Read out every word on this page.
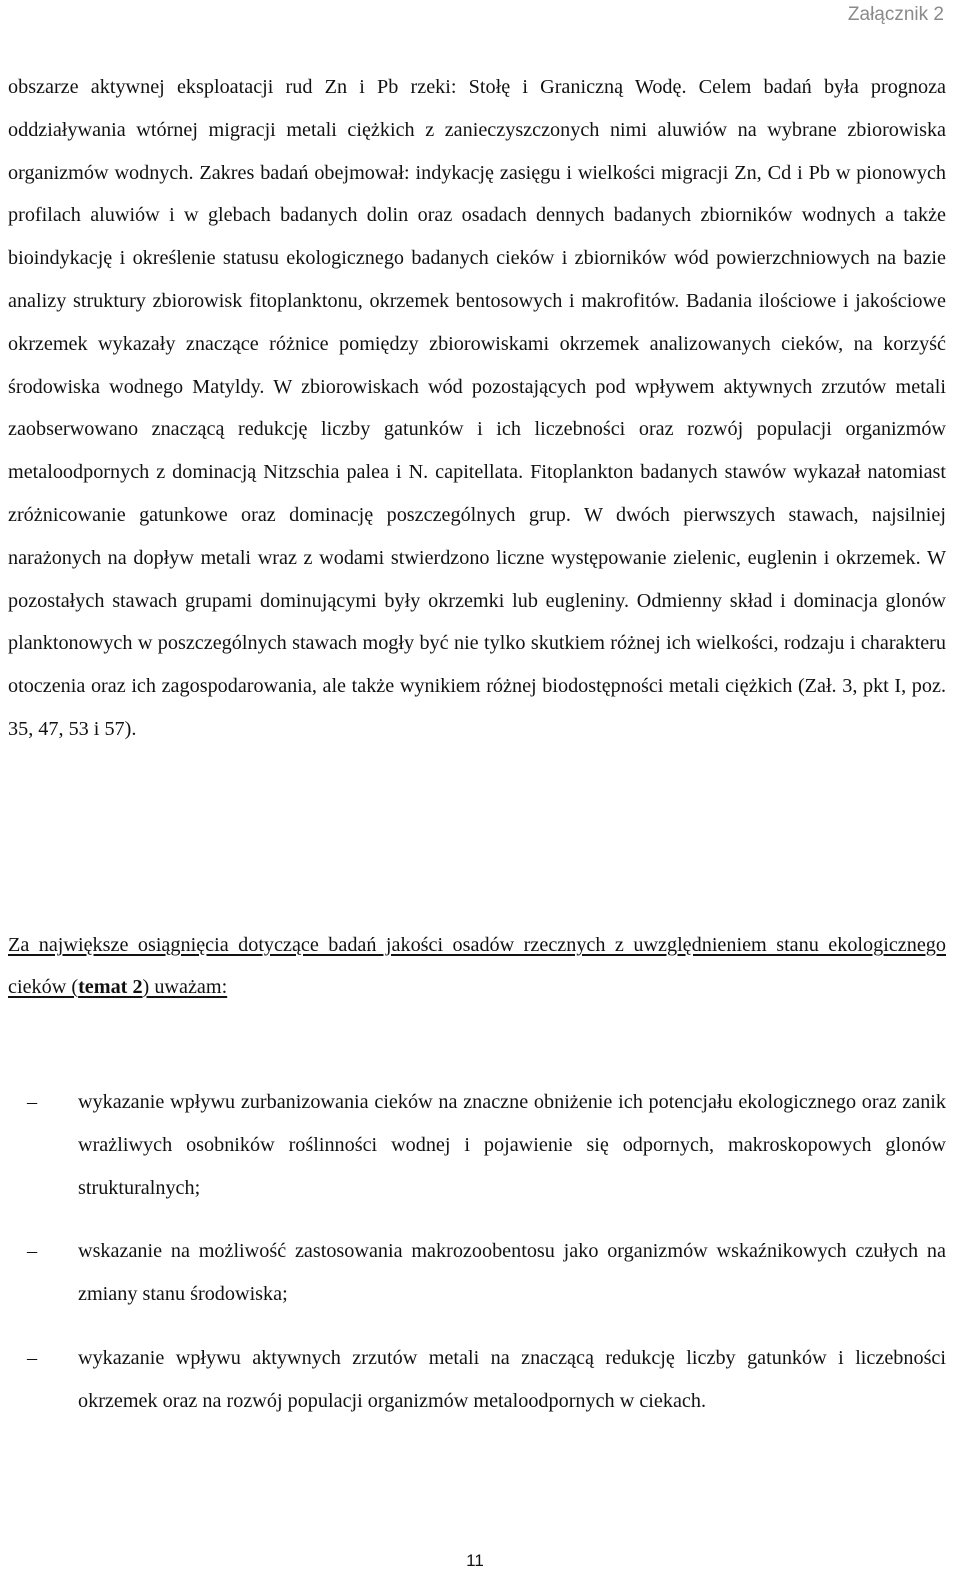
Załącznik 2

obszarze aktywnej eksploatacji rud Zn i Pb rzeki: Stołę i Graniczną Wodę. Celem badań była prognoza oddziaływania wtórnej migracji metali ciężkich z zanieczyszczonych nimi aluwiów na wybrane zbiorowiska organizmów wodnych. Zakres badań obejmował: indykację zasięgu i wielkości migracji Zn, Cd i Pb w pionowych profilach aluwiów i w glebach badanych dolin oraz osadach dennych badanych zbiorników wodnych a także bioindykację i określenie statusu ekologicznego badanych cieków i zbiorników wód powierzchniowych na bazie analizy struktury zbiorowisk fitoplanktonu, okrzemek bentosowych i makrofitów. Badania ilościowe i jakościowe okrzemek wykazały znaczące różnice pomiędzy zbiorowiskami okrzemek analizowanych cieków, na korzyść środowiska wodnego Matyldy. W zbiorowiskach wód pozostających pod wpływem aktywnych zrzutów metali zaobserwowano znaczącą redukcję liczby gatunków i ich liczebności oraz rozwój populacji organizmów metaloodpornych z dominacją Nitzschia palea i N. capitellata. Fitoplankton badanych stawów wykazał natomiast zróżnicowanie gatunkowe oraz dominację poszczególnych grup. W dwóch pierwszych stawach, najsilniej narażonych na dopływ metali wraz z wodami stwierdzono liczne występowanie zielenic, euglenin i okrzemek. W pozostałych stawach grupami dominującymi były okrzemki lub eugleniny. Odmienny skład i dominacja glonów planktonowych w poszczególnych stawach mogły być nie tylko skutkiem różnej ich wielkości, rodzaju i charakteru otoczenia oraz ich zagospodarowania, ale także wynikiem różnej biodostępności metali ciężkich (Zał. 3, pkt I, poz. 35, 47, 53 i 57).

Za największe osiągnięcia dotyczące badań jakości osadów rzecznych z uwzględnieniem stanu ekologicznego cieków (temat 2) uważam:

–	wykazanie wpływu zurbanizowania cieków na znaczne obniżenie ich potencjału ekologicznego oraz zanik wrażliwych osobników roślinności wodnej i pojawienie się odpornych, makroskopowych glonów strukturalnych;
–	wskazanie na możliwość zastosowania makrozoobentosu jako organizmów wskaźnikowych czułych na zmiany stanu środowiska;
–	wykazanie wpływu aktywnych zrzutów metali na znaczącą redukcję liczby gatunków i liczebności okrzemek oraz na rozwój populacji organizmów metaloodpornych w ciekach.
11
